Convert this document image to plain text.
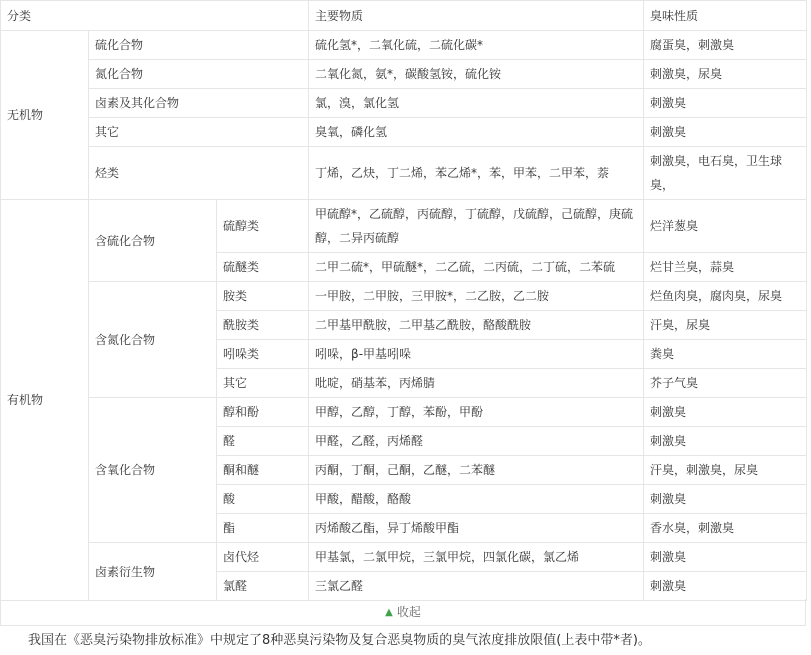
分类			主要物质	臭味性质
无机物	硫化合物		硫化氢*，二氧化硫，二硫化碳*	腐蛋臭，刺激臭
	氮化合物		二氧化氮，氨*，碳酸氢铵，硫化铵	刺激臭，尿臭
	卤素及其化合物		氯，溴，氯化氢	刺激臭
	其它		臭氧，磷化氢	刺激臭
	烃类		丁烯，乙炔，丁二烯，苯乙烯*，苯，甲苯，二甲苯，萘	刺激臭，电石臭，卫生球臭，
有机物	含硫化合物	硫醇类	甲硫醇*，乙硫醇，丙硫醇，丁硫醇，戊硫醇，己硫醇，庚硫醇，二异丙硫醇	烂洋葱臭
		硫醚类	二甲二硫*，甲硫醚*，二乙硫，二丙硫，二丁硫，二苯硫	烂甘兰臭，蒜臭
	含氮化合物	胺类	一甲胺，二甲胺，三甲胺*，二乙胺，乙二胺	烂鱼肉臭，腐肉臭，尿臭
		酰胺类	二甲基甲酰胺，二甲基乙酰胺，酪酸酰胺	汗臭，尿臭
		吲哚类	吲哚，β-甲基吲哚	粪臭
		其它	吡啶，硝基苯，丙烯腈	芥子气臭
	含氧化合物	醇和酚	甲醇，乙醇，丁醇，苯酚，甲酚	刺激臭
		醛	甲醛，乙醛，丙烯醛	刺激臭
		酮和醚	丙酮，丁酮，己酮，乙醚，二苯醚	汗臭，刺激臭，尿臭
		酸	甲酸，醋酸，酪酸	刺激臭
		酯	丙烯酸乙酯，异丁烯酸甲酯	香水臭，刺激臭
	卤素衍生物	卤代烃	甲基氯，二氯甲烷，三氯甲烷，四氯化碳，氯乙烯	刺激臭
		氯醛	三氯乙醛	刺激臭
▲ 收起
我国在《恶臭污染物排放标准》中规定了8种恶臭污染物及复合恶臭物质的臭气浓度排放限值(上表中带*者)。
